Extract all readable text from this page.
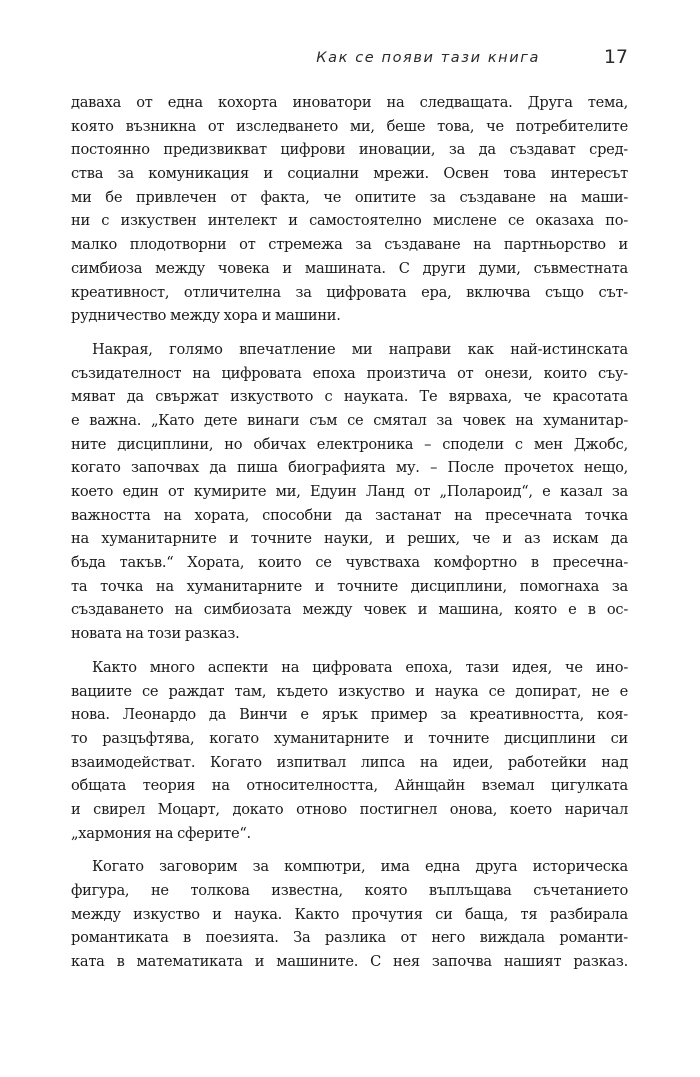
Как се появи тази книга	17
даваха от една кохорта иноватори на следващата. Друга тема,
която възникна от изследването ми, беше това, че потребителите
постоянно предизвикват цифрови иновации, за да създават сред-
ства за комуникация и социални мрежи. Освен това интересът
ми бе привлечен от факта, че опитите за създаване на маши-
ни с изкуствен интелект и самостоятелно мислене се оказаха по-
малко плодотворни от стремежа за създаване на партньорство и
симбиоза между човека и машината. С други думи, съвместната
креативност, отличителна за цифровата ера, включва също сът-
рудничество между хора и машини.
Накрая, голямо впечатление ми направи как най-истинската
съзидателност на цифровата епоха произтича от онези, които съу-
мяват да свържат изкуството с науката. Те вярваха, че красотата
е важна. „Като дете винаги съм се смятал за човек на хуманитар-
ните дисциплини, но обичах електроника – сподели с мен Джобс,
когато започвах да пиша биографията му. – После прочетох нещо,
което един от кумирите ми, Едуин Ланд от „Полароид“, е казал за
важността на хората, способни да застанат на пресечната точка
на хуманитарните и точните науки, и реших, че и аз искам да
бъда такъв.“ Хората, които се чувстваха комфортно в пресечна-
та точка на хуманитарните и точните дисциплини, помогнаха за
създаването на симбиозата между човек и машина, която е в ос-
новата на този разказ.
Както много аспекти на цифровата епоха, тази идея, че ино-
вациите се раждат там, където изкуство и наука се допират, не е
нова. Леонардо да Винчи е ярък пример за креативността, коя-
то разцъфтява, когато хуманитарните и точните дисциплини си
взаимодействат. Когато изпитвал липса на идеи, работейки над
общата теория на относителността, Айнщайн вземал цигулката
и свирел Моцарт, докато отново постигнел онова, което наричал
„хармония на сферите“.
Когато заговорим за компютри, има една друга историческа
фигура, не толкова известна, която въплъщава съчетанието
между изкуство и наука. Както прочутия си баща, тя разбирала
романтиката в поезията. За разлика от него виждала романти-
ката в математиката и машините. С нея започва нашият разказ.
